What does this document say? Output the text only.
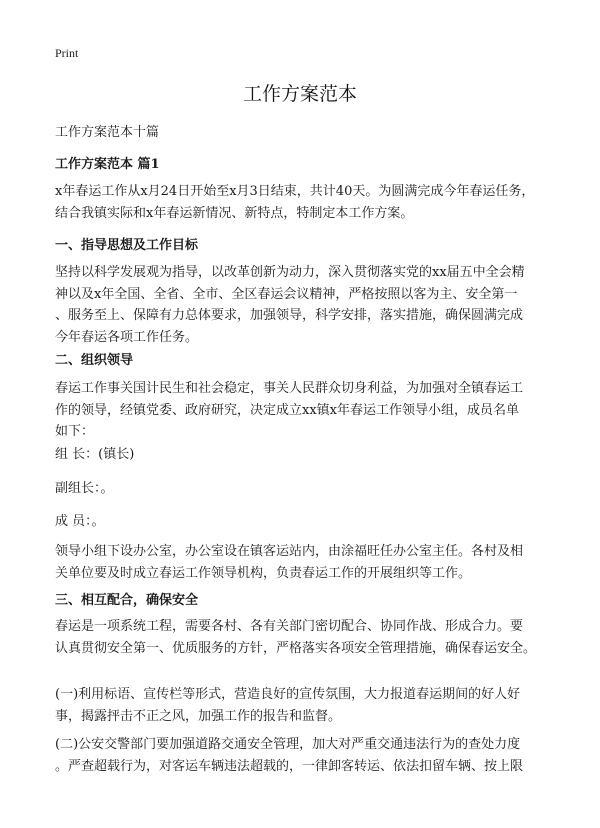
Print
工作方案范本
工作方案范本十篇
工作方案范本 篇1

x年春运工作从x月24日开始至x月3日结束，共计40天。为圆满完成今年春运任务，
结合我镇实际和x年春运新情况、新特点，特制定本工作方案。

一、指导思想及工作目标

坚持以科学发展观为指导，以改革创新为动力，深入贯彻落实党的xx届五中全会精
神以及x年全国、全省、全市、全区春运会议精神，严格按照以客为主、安全第一
、服务至上、保障有力总体要求，加强领导，科学安排，落实措施，确保圆满完成
今年春运各项工作任务。

二、组织领导

春运工作事关国计民生和社会稳定，事关人民群众切身利益，为加强对全镇春运工
作的领导，经镇党委、政府研究，决定成立xx镇x年春运工作领导小组，成员名单
如下：

组 长：(镇长)

副组长：。

成 员：。

领导小组下设办公室，办公室设在镇客运站内，由涂福旺任办公室主任。各村及相
关单位要及时成立春运工作领导机构，负责春运工作的开展组织等工作。

三、相互配合，确保安全

春运是一项系统工程，需要各村、各有关部门密切配合、协同作战、形成合力。要
认真贯彻安全第一、优质服务的方针，严格落实各项安全管理措施，确保春运安全。

(一)利用标语、宣传栏等形式，营造良好的宣传氛围，大力报道春运期间的好人好
事，揭露抨击不正之风，加强工作的报告和监督。

(二)公安交警部门要加强道路交通安全管理，加大对严重交通违法行为的查处力度
。严查超载行为，对客运车辆违法超载的，一律卸客转运、依法扣留车辆、按上限
